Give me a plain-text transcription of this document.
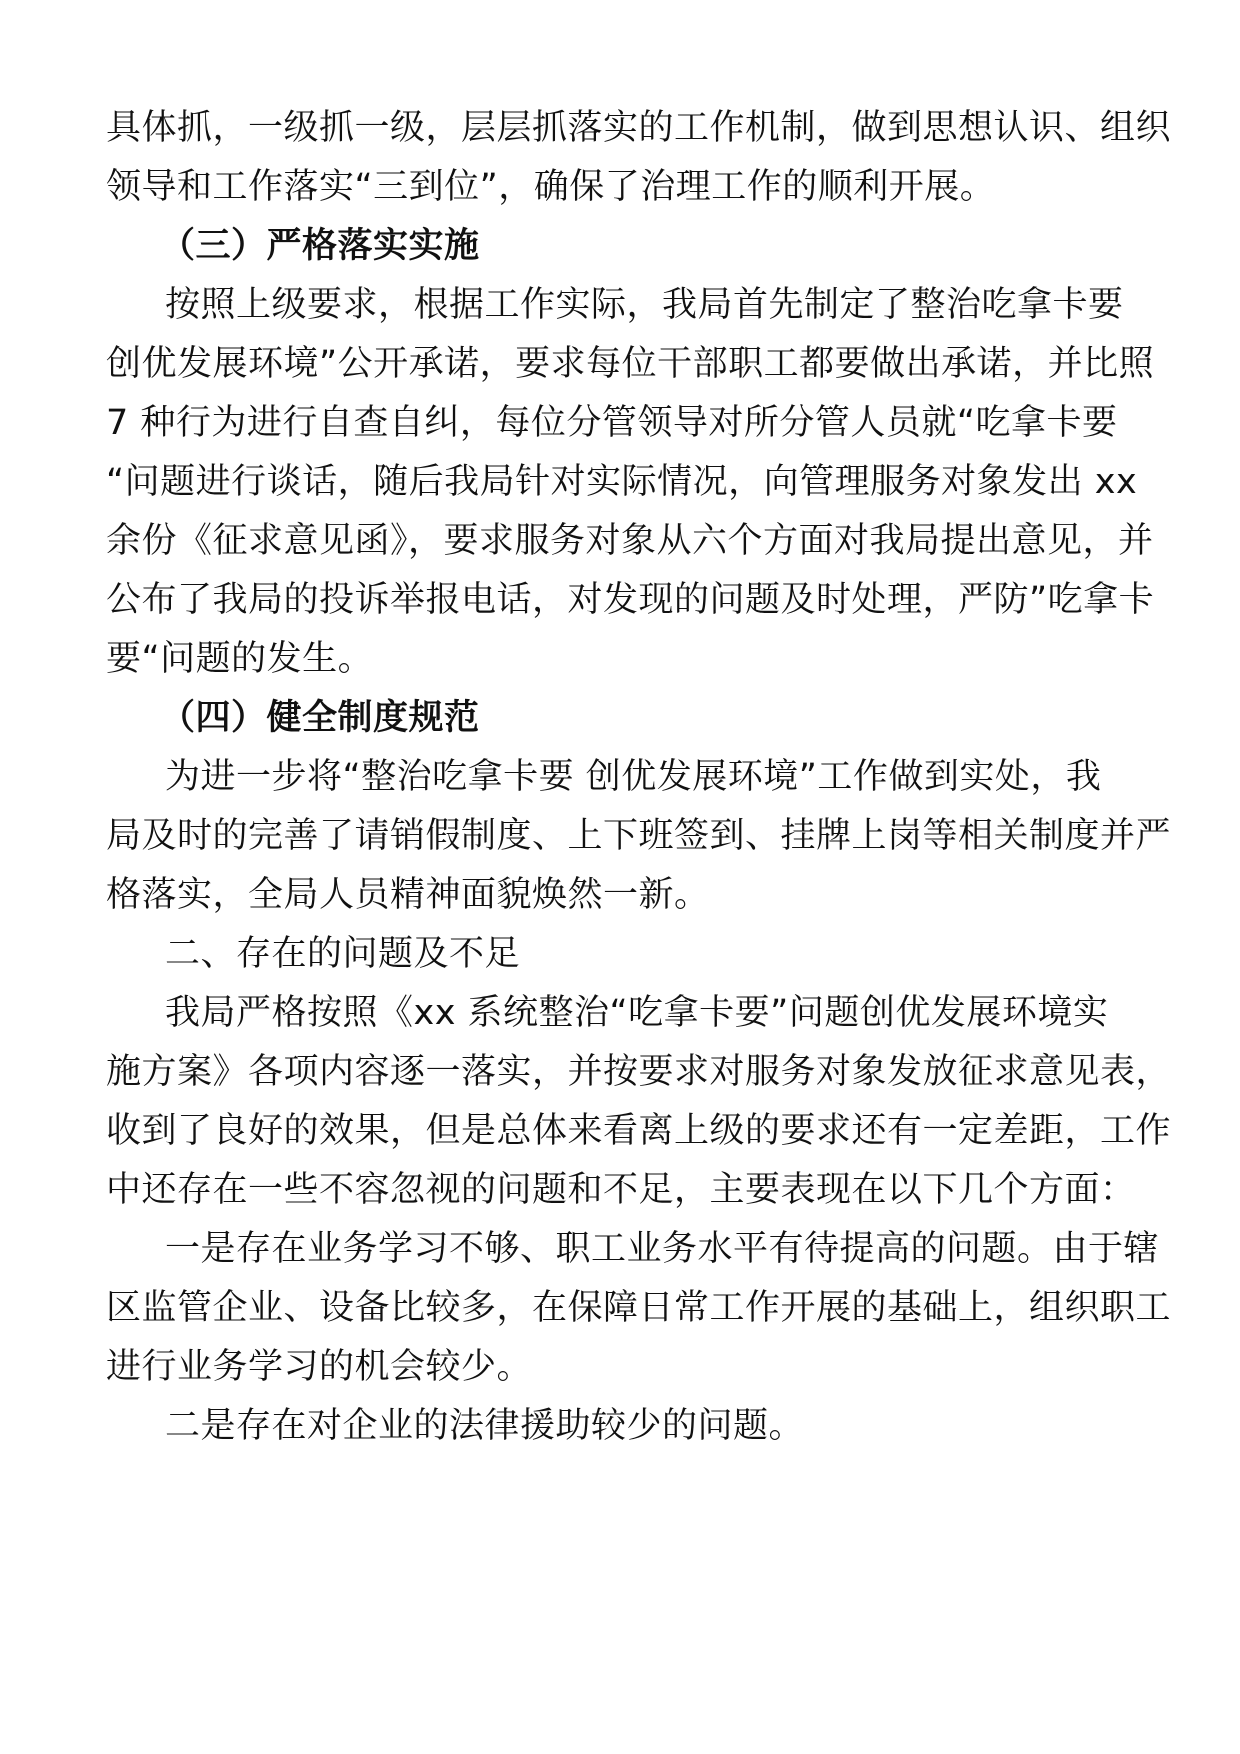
具体抓，一级抓一级，层层抓落实的工作机制，做到思想认识、组织
领导和工作落实“三到位”，确保了治理工作的顺利开展。
（三）严格落实实施
按照上级要求，根据工作实际，我局首先制定了整治吃拿卡要
创优发展环境”公开承诺，要求每位干部职工都要做出承诺，并比照
7 种行为进行自查自纠，每位分管领导对所分管人员就“吃拿卡要
“问题进行谈话，随后我局针对实际情况，向管理服务对象发出 xx
余份《征求意见函》，要求服务对象从六个方面对我局提出意见，并
公布了我局的投诉举报电话，对发现的问题及时处理，严防”吃拿卡
要“问题的发生。
（四）健全制度规范
为进一步将“整治吃拿卡要 创优发展环境”工作做到实处，我
局及时的完善了请销假制度、上下班签到、挂牌上岗等相关制度并严
格落实，全局人员精神面貌焕然一新。
二、存在的问题及不足
我局严格按照《xx 系统整治“吃拿卡要”问题创优发展环境实
施方案》各项内容逐一落实，并按要求对服务对象发放征求意见表，
收到了良好的效果，但是总体来看离上级的要求还有一定差距，工作
中还存在一些不容忽视的问题和不足，主要表现在以下几个方面：
一是存在业务学习不够、职工业务水平有待提高的问题。由于辖
区监管企业、设备比较多，在保障日常工作开展的基础上，组织职工
进行业务学习的机会较少。
二是存在对企业的法律援助较少的问题。
